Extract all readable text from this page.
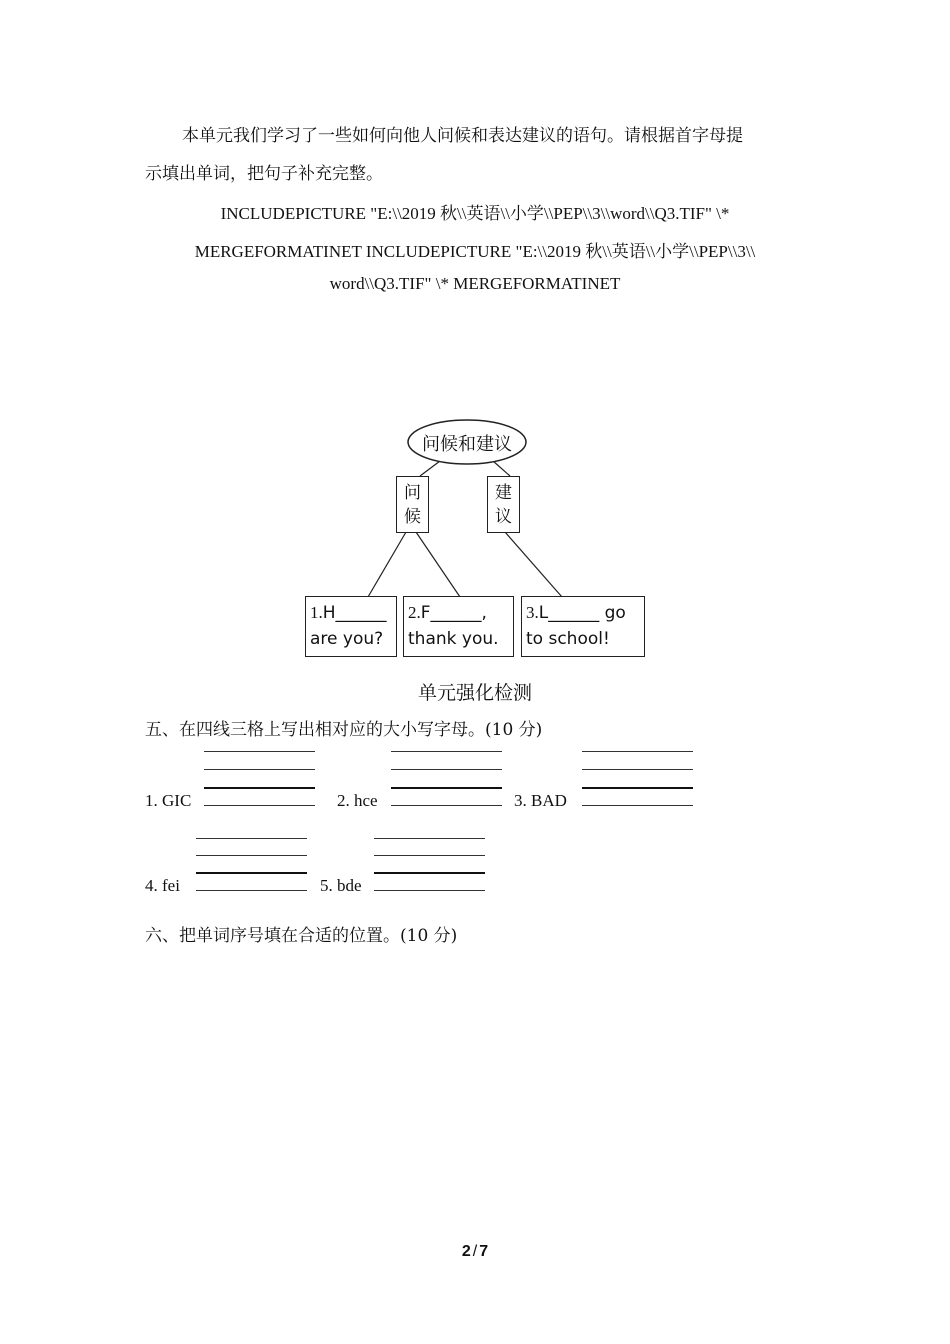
本单元我们学习了一些如何向他人问候和表达建议的语句。请根据首字母提
示填出单词，把句子补充完整。
INCLUDEPICTURE "E:\\2019 秋\\英语\\小学\\PEP\\3\\word\\Q3.TIF" \*
MERGEFORMATINET INCLUDEPICTURE "E:\\2019 秋\\英语\\小学\\PEP\\3\\
word\\Q3.TIF" \* MERGEFORMATINET
问候和建议
问
候
建
议
1.H______
are you?
2.F______,
thank you.
3.L______ go
to school!
单元强化检测
五、在四线三格上写出相对应的大小写字母。(10 分)
1. GIC	2. hce	3. BAD
4. fei	5. bde
六、把单词序号填在合适的位置。(10 分)
2 / 7
